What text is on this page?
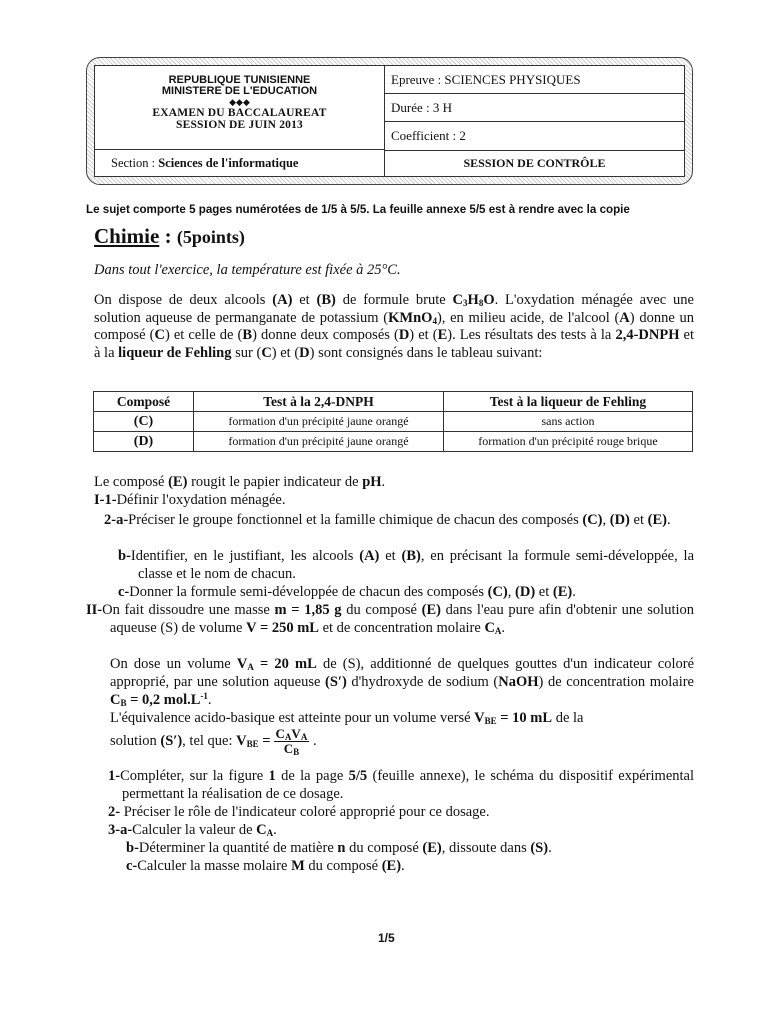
REPUBLIQUE TUNISIENNE
MINISTERE DE L'EDUCATION
◆◆◆
EXAMEN DU BACCALAUREAT
SESSION DE JUIN 2013
Epreuve : SCIENCES PHYSIQUES
Durée : 3 H
Coefficient : 2
Section : Sciences de l'informatique	SESSION DE CONTRÔLE
Le sujet comporte 5 pages numérotées de 1/5 à 5/5. La feuille annexe 5/5 est à rendre avec la copie
Chimie : (5points)
Dans tout l'exercice, la température est fixée à 25°C.
On dispose de deux alcools (A) et (B) de formule brute $C_3H_8O$. L'oxydation ménagée avec une solution aqueuse de permanganate de potassium (KMnO$_4$), en milieu acide, de l'alcool (A) donne un composé (C) et celle de (B) donne deux composés (D) et (E). Les résultats des tests à la 2,4-DNPH et à la liqueur de Fehling sur (C) et (D) sont consignés dans le tableau suivant:
Composé	Test à la 2,4-DNPH	Test à la liqueur de Fehling
(C)	formation d'un précipité jaune orangé	sans action
(D)	formation d'un précipité jaune orangé	formation d'un précipité rouge brique
Le composé (E) rougit le papier indicateur de pH.
I-1-Définir l'oxydation ménagée.
2-a-Préciser le groupe fonctionnel et la famille chimique de chacun des composés (C), (D) et (E).
b-Identifier, en le justifiant, les alcools (A) et (B), en précisant la formule semi-développée, la classe et le nom de chacun.
c-Donner la formule semi-développée de chacun des composés (C), (D) et (E).
II-On fait dissoudre une masse m = 1,85 g du composé (E) dans l'eau pure afin d'obtenir une solution aqueuse (S) de volume V = 250 mL et de concentration molaire $C_A$.
On dose un volume $V_A = 20$ mL de (S), additionné de quelques gouttes d'un indicateur coloré approprié, par une solution aqueuse (S′) d'hydroxyde de sodium (NaOH) de concentration molaire $C_B = 0,2$ $mol.L^{-1}$.
L'équivalence acido-basique est atteinte pour un volume versé $V_{BE} = 10$ mL de la
solution (S′), tel que: $V_{BE} = \frac{C_AV_A}{C_B}$ .
1-Compléter, sur la figure 1 de la page 5/5 (feuille annexe), le schéma du dispositif expérimental permettant la réalisation de ce dosage.
2- Préciser le rôle de l'indicateur coloré approprié pour ce dosage.
3-a-Calculer la valeur de $C_A$.
b-Déterminer la quantité de matière n du composé (E), dissoute dans (S).
c-Calculer la masse molaire M du composé (E).
1/5
